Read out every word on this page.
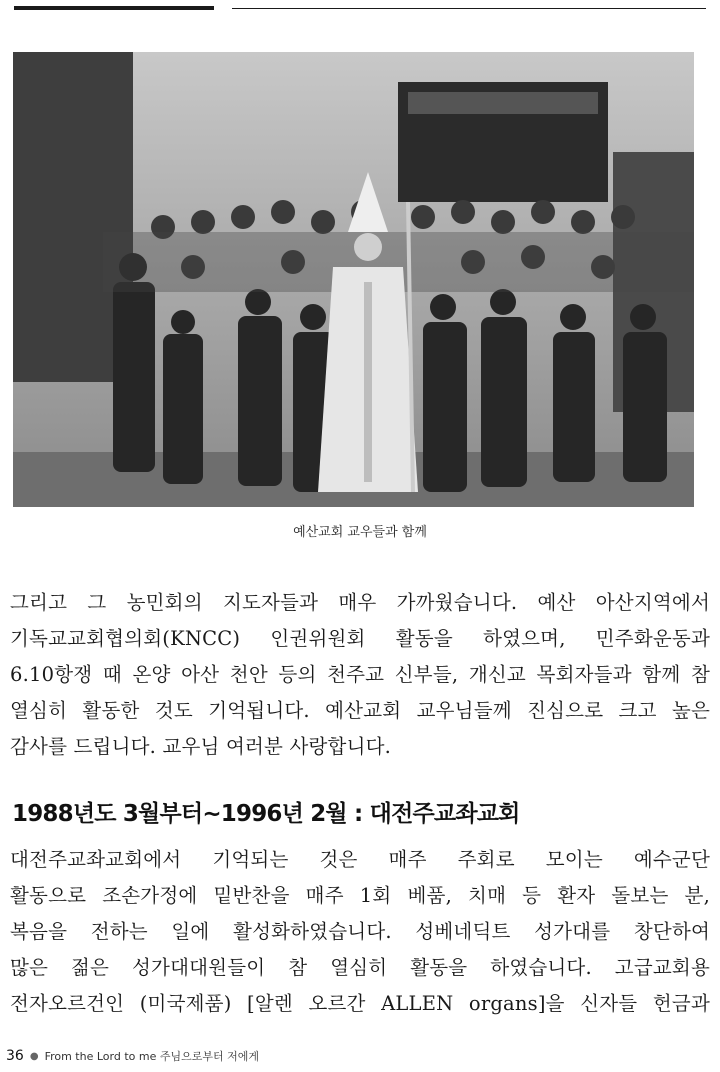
예산교회 교우들과 함께
그리고 그 농민회의 지도자들과 매우 가까웠습니다. 예산 아산지역에서
기독교교회협의회(KNCC) 인권위원회 활동을 하였으며, 민주화운동과
6.10항쟁 때 온양 아산 천안 등의 천주교 신부들, 개신교 목회자들과 함께 참
열심히 활동한 것도 기억됩니다. 예산교회 교우님들께 진심으로 크고 높은
감사를 드립니다. 교우님 여러분 사랑합니다.
1988년도 3월부터~1996년 2월 : 대전주교좌교회
대전주교좌교회에서 기억되는 것은 매주 주회로 모이는 예수군단
활동으로 조손가정에 밑반찬을 매주 1회 베품, 치매 등 환자 돌보는 분,
복음을 전하는 일에 활성화하였습니다. 성베네딕트 성가대를 창단하여
많은 젊은 성가대대원들이 참 열심히 활동을 하였습니다. 고급교회용
전자오르건인 (미국제품) [알렌 오르간 ALLEN organs]을 신자들 헌금과
36 ● From the Lord to me 주님으로부터 저에게
